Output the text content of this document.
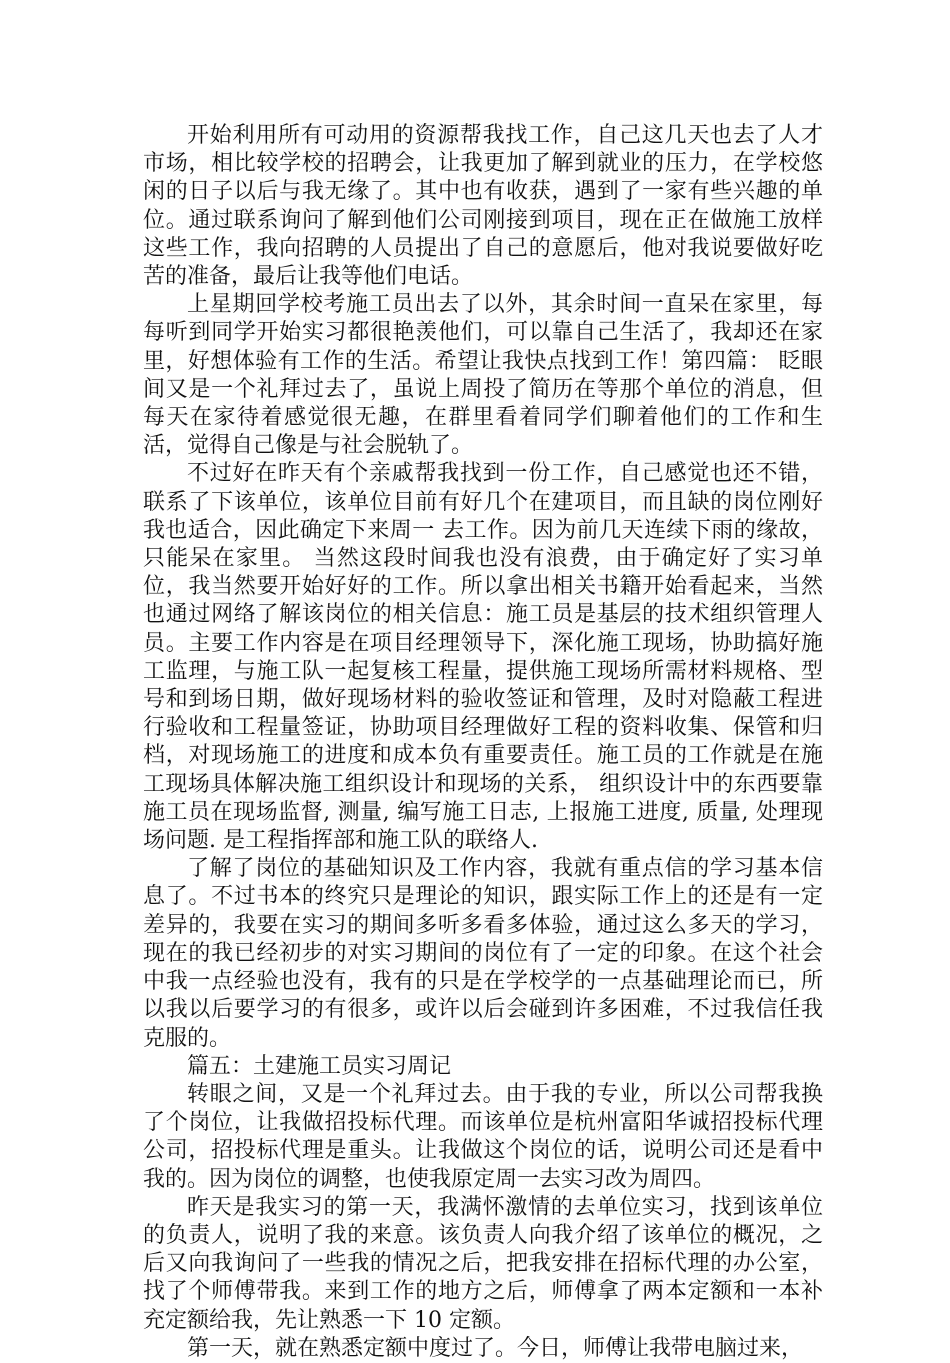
开始利用所有可动用的资源帮我找工作，自己这几天也去了人才市场，相比较学校的招聘会，让我更加了解到就业的压力，在学校悠闲的日子以后与我无缘了。其中也有收获，遇到了一家有些兴趣的单位。通过联系询问了解到他们公司刚接到项目，现在正在做施工放样这些工作，我向招聘的人员提出了自己的意愿后，他对我说要做好吃苦的准备，最后让我等他们电话。

上星期回学校考施工员出去了以外，其余时间一直呆在家里，每每听到同学开始实习都很艳羡他们，可以靠自己生活了，我却还在家里，好想体验有工作的生活。希望让我快点找到工作！第四篇： 眨眼间又是一个礼拜过去了，虽说上周投了简历在等那个单位的消息，但每天在家待着感觉很无趣，在群里看着同学们聊着他们的工作和生活，觉得自己像是与社会脱轨了。

不过好在昨天有个亲戚帮我找到一份工作，自己感觉也还不错，联系了下该单位，该单位目前有好几个在建项目，而且缺的岗位刚好我也适合，因此确定下来周一 去工作。因为前几天连续下雨的缘故，只能呆在家里。 当然这段时间我也没有浪费，由于确定好了实习单位，我当然要开始好好的工作。所以拿出相关书籍开始看起来，当然也通过网络了解该岗位的相关信息：施工员是基层的技术组织管理人员。主要工作内容是在项目经理领导下，深化施工现场，协助搞好施工监理，与施工队一起复核工程量，提供施工现场所需材料规格、型号和到场日期，做好现场材料的验收签证和管理，及时对隐蔽工程进行验收和工程量签证，协助项目经理做好工程的资料收集、保管和归档，对现场施工的进度和成本负有重要责任。施工员的工作就是在施工现场具体解决施工组织设计和现场的关系， 组织设计中的东西要靠施工员在现场监督, 测量, 编写施工日志, 上报施工进度, 质量, 处理现场问题. 是工程指挥部和施工队的联络人.

了解了岗位的基础知识及工作内容，我就有重点信的学习基本信息了。不过书本的终究只是理论的知识，跟实际工作上的还是有一定差异的，我要在实习的期间多听多看多体验，通过这么多天的学习，现在的我已经初步的对实习期间的岗位有了一定的印象。在这个社会中我一点经验也没有，我有的只是在学校学的一点基础理论而已，所以我以后要学习的有很多，或许以后会碰到许多困难，不过我信任我克服的。

篇五：土建施工员实习周记

转眼之间，又是一个礼拜过去。由于我的专业，所以公司帮我换了个岗位，让我做招投标代理。而该单位是杭州富阳华诚招投标代理公司，招投标代理是重头。让我做这个岗位的话，说明公司还是看中我的。因为岗位的调整，也使我原定周一去实习改为周四。

昨天是我实习的第一天，我满怀激情的去单位实习，找到该单位的负责人，说明了我的来意。该负责人向我介绍了该单位的概况，之后又向我询问了一些我的情况之后，把我安排在招标代理的办公室，找了个师傅带我。来到工作的地方之后，师傅拿了两本定额和一本补充定额给我，先让熟悉一下 10 定额。

第一天，就在熟悉定额中度过了。今日，师傅让我带电脑过来，
